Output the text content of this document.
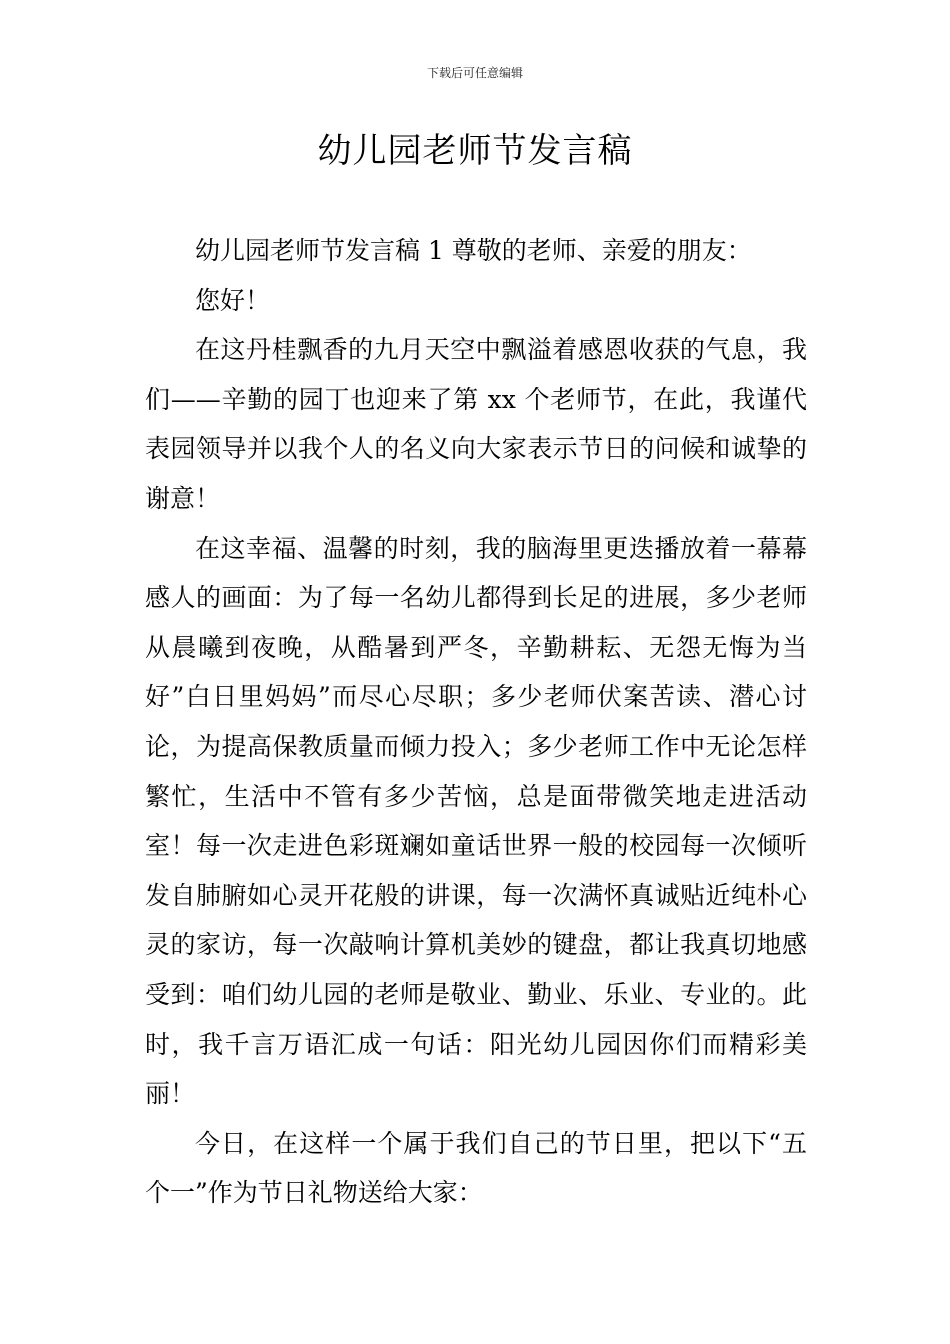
下载后可任意编辑
幼儿园老师节发言稿

幼儿园老师节发言稿 1 尊敬的老师、亲爱的朋友：

您好！

在这丹桂飘香的九月天空中飘溢着感恩收获的气息，我们——辛勤的园丁也迎来了第 xx 个老师节，在此，我谨代表园领导并以我个人的名义向大家表示节日的问候和诚挚的谢意！

在这幸福、温馨的时刻，我的脑海里更迭播放着一幕幕感人的画面：为了每一名幼儿都得到长足的进展，多少老师从晨曦到夜晚，从酷暑到严冬，辛勤耕耘、无怨无悔为当好”白日里妈妈”而尽心尽职；多少老师伏案苦读、潜心讨论，为提高保教质量而倾力投入；多少老师工作中无论怎样繁忙，生活中不管有多少苦恼，总是面带微笑地走进活动室！每一次走进色彩斑斓如童话世界一般的校园每一次倾听发自肺腑如心灵开花般的讲课，每一次满怀真诚贴近纯朴心灵的家访，每一次敲响计算机美妙的键盘，都让我真切地感受到：咱们幼儿园的老师是敬业、勤业、乐业、专业的。此时，我千言万语汇成一句话：阳光幼儿园因你们而精彩美丽！

今日，在这样一个属于我们自己的节日里，把以下“五个一”作为节日礼物送给大家：
